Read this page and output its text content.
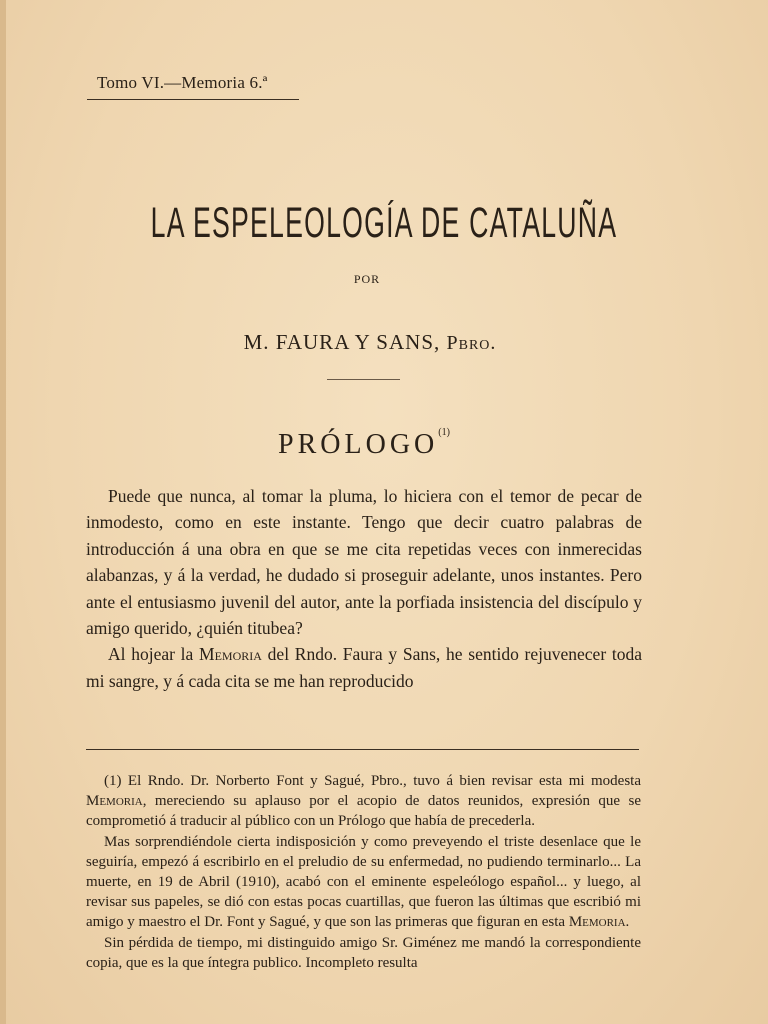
Tomo VI.—Memoria 6.ª
LA ESPELEOLOGÍA DE CATALUÑA
POR
M. FAURA Y SANS, Pbro.
PRÓLOGO$^{(1)}$

Puede que nunca, al tomar la pluma, lo hiciera con el temor de pecar de inmodesto, como en este instante. Tengo que decir cuatro palabras de introducción á una obra en que se me cita repetidas veces con inmerecidas alabanzas, y á la verdad, he dudado si proseguir adelante, unos instantes. Pero ante el entusiasmo juvenil del autor, ante la porfiada insistencia del discípulo y amigo querido, ¿quién titubea?

Al hojear la Memoria del Rndo. Faura y Sans, he sentido rejuvenecer toda mi sangre, y á cada cita se me han reproducido

(1) El Rndo. Dr. Norberto Font y Sagué, Pbro., tuvo á bien revisar esta mi modesta Memoria, mereciendo su aplauso por el acopio de datos reunidos, expresión que se comprometió á traducir al público con un Prólogo que había de precederla.

Mas sorprendiéndole cierta indisposición y como preveyendo el triste desenlace que le seguiría, empezó á escribirlo en el preludio de su enfermedad, no pudiendo terminarlo... La muerte, en 19 de Abril (1910), acabó con el eminente espeleólogo español... y luego, al revisar sus papeles, se dió con estas pocas cuartillas, que fueron las últimas que escribió mi amigo y maestro el Dr. Font y Sagué, y que son las primeras que figuran en esta Memoria.

Sin pérdida de tiempo, mi distinguido amigo Sr. Giménez me mandó la correspondiente copia, que es la que íntegra publico. Incompleto resulta
